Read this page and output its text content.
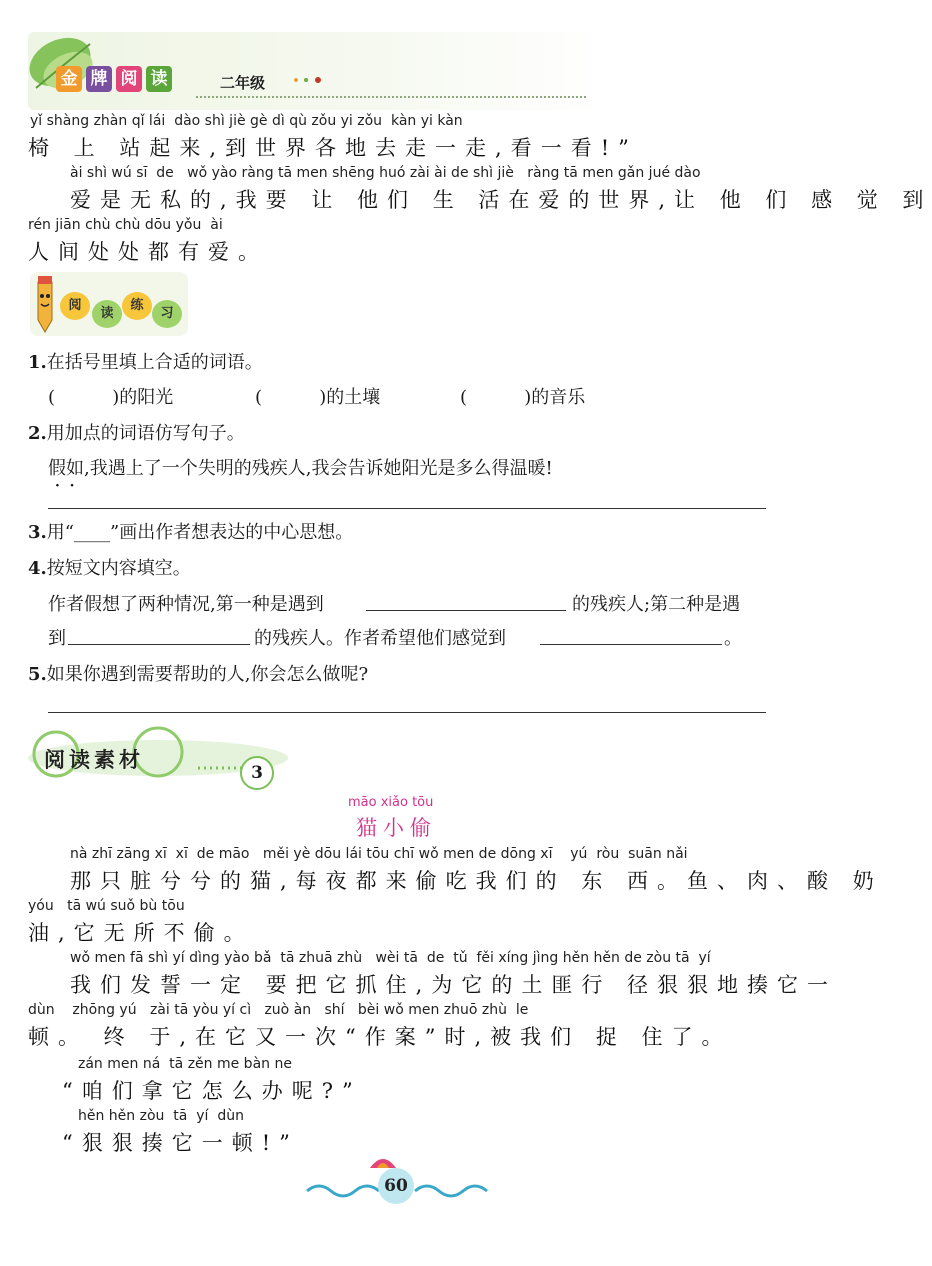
金 牌 阅 读	二年级
yǐ shàng zhàn qǐ lái  dào shì jiè gè dì qù zǒu yi zǒu  kàn yi kàn
椅 上 站起来,到世界各地去走一走,看一看!”
ài shì wú sī  de   wǒ yào ràng tā men shēng huó zài ài de shì jiè   ràng tā men gǎn jué dào
爱是无私的,我要 让 他们 生 活在爱的世界,让 他 们 感 觉 到
rén jiān chù chù dōu yǒu  ài
人间处处都有爱。
阅
读
练
习
1.在括号里填上合适的词语。
(          )的阳光	(          )的土壤	(          )的音乐
2.用加点的词语仿写句子。
假如,我遇上了一个失明的残疾人,我会告诉她阳光是多么得温暖!
·  ·
3.用“____”画出作者想表达的中心思想。
4.按短文内容填空。
作者假想了两种情况,第一种是遇到	的残疾人;第二种是遇
到	的残疾人。作者希望他们感觉到	。
5.如果你遇到需要帮助的人,你会怎么做呢?
阅读素材
3
māo xiǎo tōu
猫小偷
nà zhī zāng xī  xī  de māo   měi yè dōu lái tōu chī wǒ men de dōng xī    yú  ròu  suān nǎi
那只脏兮兮的猫,每夜都来偷吃我们的 东 西。鱼、肉、酸 奶
yóu   tā wú suǒ bù tōu
油,它无所不偷。
wǒ men fā shì yí dìng yào bǎ  tā zhuā zhù   wèi tā  de  tǔ  fěi xíng jìng hěn hěn de zòu tā  yí
我们发誓一定 要把它抓住,为它的土匪行 径狠狠地揍它一
dùn    zhōng yú   zài tā yòu yí cì   zuò àn   shí   bèi wǒ men zhuō zhù  le
顿。 终 于,在它又一次“作案”时,被我们 捉 住了。
zán men ná  tā zěn me bàn ne
“咱们拿它怎么办呢?”
hěn hěn zòu  tā  yí  dùn
“狠狠揍它一顿!”
60
